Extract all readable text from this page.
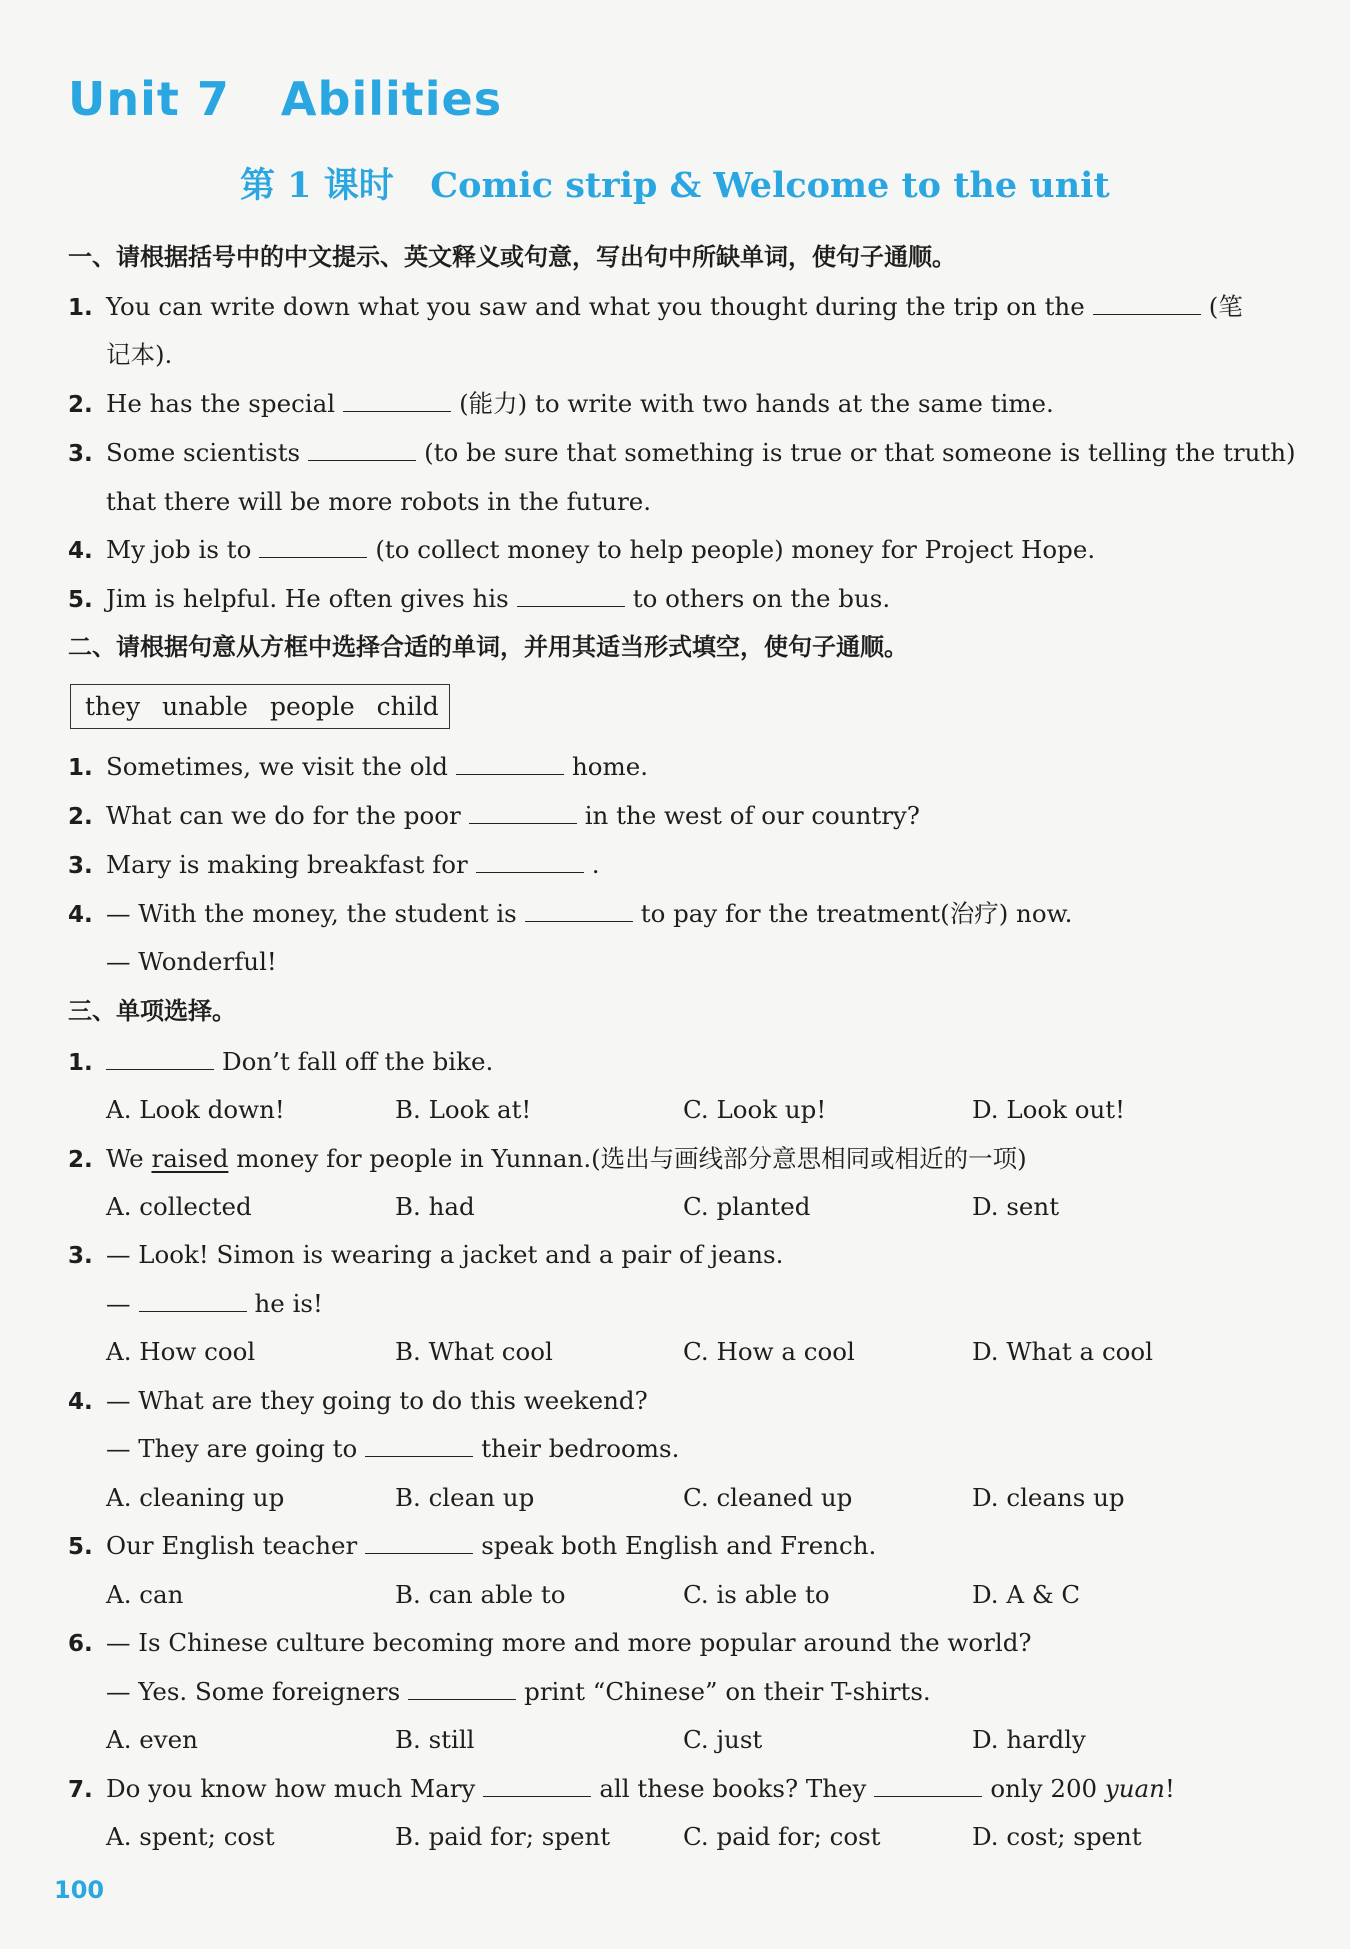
Unit 7   Abilities
第 1 课时   Comic strip & Welcome to the unit
一、请根据括号中的中文提示、英文释义或句意，写出句中所缺单词，使句子通顺。
1. You can write down what you saw and what you thought during the trip on the	(笔
记本).
2. He has the special	(能力) to write with two hands at the same time.
3. Some scientists	(to be sure that something is true or that someone is telling the truth)
that there will be more robots in the future.
4. My job is to	(to collect money to help people) money for Project Hope.
5. Jim is helpful. He often gives his	to others on the bus.
二、请根据句意从方框中选择合适的单词，并用其适当形式填空，使句子通顺。
they unable people child
1. Sometimes, we visit the old	home.
2. What can we do for the poor	in the west of our country?
3. Mary is making breakfast for	.
4. — With the money, the student is	to pay for the treatment(治疗) now.
— Wonderful!
三、单项选择。
1.	Don’t fall off the bike.
A. Look down!	B. Look at!	C. Look up!	D. Look out!
2. We raised money for people in Yunnan.(选出与画线部分意思相同或相近的一项)
A. collected	B. had	C. planted	D. sent
3. — Look! Simon is wearing a jacket and a pair of jeans.
—	he is!
A. How cool	B. What cool	C. How a cool	D. What a cool
4. — What are they going to do this weekend?
— They are going to	their bedrooms.
A. cleaning up	B. clean up	C. cleaned up	D. cleans up
5. Our English teacher	speak both English and French.
A. can	B. can able to	C. is able to	D. A & C
6. — Is Chinese culture becoming more and more popular around the world?
— Yes. Some foreigners	print “Chinese” on their T-shirts.
A. even	B. still	C. just	D. hardly
7. Do you know how much Mary	all these books? They	only 200 yuan!
A. spent; cost	B. paid for; spent	C. paid for; cost	D. cost; spent
100
